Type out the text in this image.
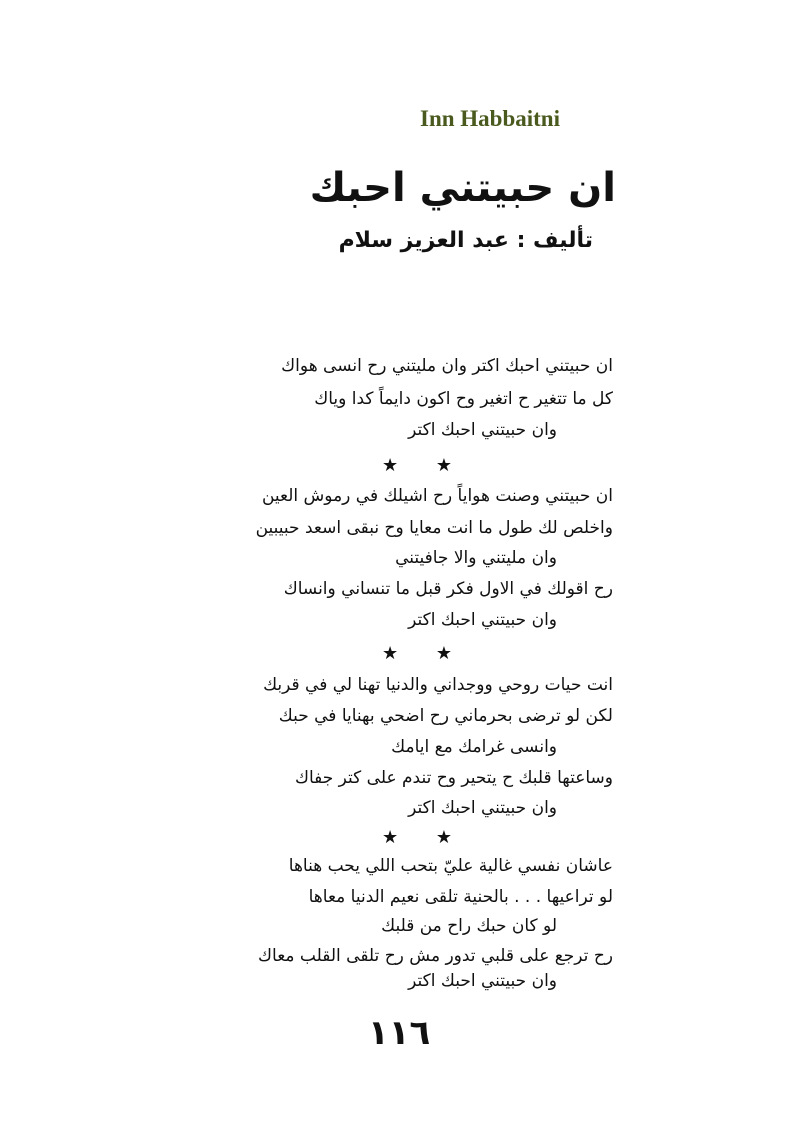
Inn Habbaitni
ان حبيتني احبك
تأليف : عبد العزيز سلام
ان حبيتني احبك اكتر وان مليتني رح انسى هواك
كل ما تتغير ح اتغير وح اكون دايماً كدا وياك
وان حبيتني احبك اكتر
★ ★
ان حبيتني وصنت هواياً رح اشيلك في رموش العين
واخلص لك طول ما انت معايا وح نبقى اسعد حبيبين
وان مليتني والا جافيتني
رح اقولك في الاول فكر قبل ما تنساني وانساك
وان حبيتني احبك اكتر
★ ★
انت حيات روحي ووجداني والدنيا تهنا لي في قربك
لكن لو ترضى بحرماني رح اضحي بهنايا في حبك
وانسى غرامك مع ايامك
وساعتها قلبك ح يتحير وح تندم على كتر جفاك
وان حبيتني احبك اكتر
★ ★
عاشان نفسي غالية عليّ بتحب اللي يحب هناها
لو تراعيها . . . بالحنية تلقى نعيم الدنيا معاها
لو كان حبك راح من قلبك
رح ترجع على قلبي تدور مش رح تلقى القلب معاك
وان حبيتني احبك اكتر
١١٦
